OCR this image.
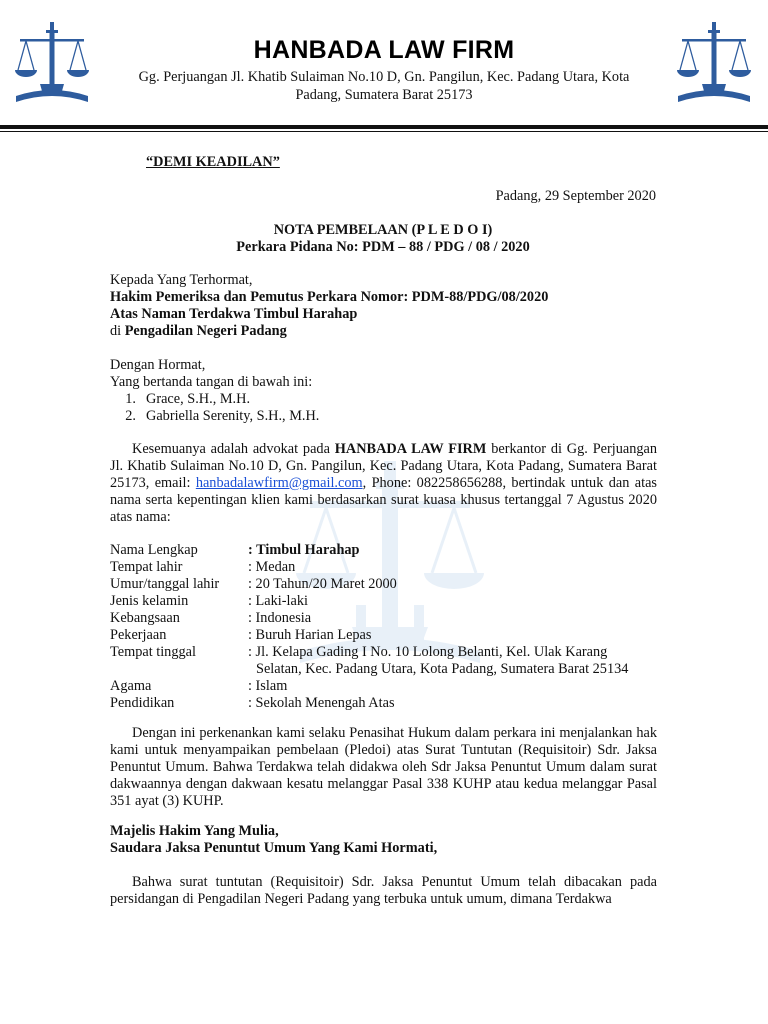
HANBADA LAW FIRM
Gg. Perjuangan Jl. Khatib Sulaiman No.10 D, Gn. Pangilun, Kec. Padang Utara, Kota
Padang, Sumatera Barat 25173
“DEMI KEADILAN”
Padang, 29 September 2020
NOTA PEMBELAAN (P L E D O I)
Perkara Pidana No: PDM – 88 / PDG / 08 / 2020
Kepada Yang Terhormat,
Hakim Pemeriksa dan Pemutus Perkara Nomor: PDM-88/PDG/08/2020
Atas Naman Terdakwa Timbul Harahap
di Pengadilan Negeri Padang
Dengan Hormat,
Yang bertanda tangan di bawah ini:
1. Grace, S.H., M.H.
2. Gabriella Serenity, S.H., M.H.
Kesemuanya adalah advokat pada HANBADA LAW FIRM berkantor di Gg. Perjuangan Jl. Khatib Sulaiman No.10 D, Gn. Pangilun, Kec. Padang Utara, Kota Padang, Sumatera Barat 25173, email: hanbadalawfirm@gmail.com, Phone: 082258656288, bertindak untuk dan atas nama serta kepentingan klien kami berdasarkan surat kuasa khusus tertanggal 7 Agustus 2020 atas nama:
Nama Lengkap	: Timbul Harahap
Tempat lahir	: Medan
Umur/tanggal lahir	: 20 Tahun/20 Maret 2000
Jenis kelamin	: Laki-laki
Kebangsaan	: Indonesia
Pekerjaan	: Buruh Harian Lepas
Tempat tinggal	: Jl. Kelapa Gading I No. 10 Lolong Belanti, Kel. Ulak Karang
Selatan, Kec. Padang Utara, Kota Padang, Sumatera Barat 25134
Agama	: Islam
Pendidikan	: Sekolah Menengah Atas
Dengan ini perkenankan kami selaku Penasihat Hukum dalam perkara ini menjalankan hak kami untuk menyampaikan pembelaan (Pledoi) atas Surat Tuntutan (Requisitoir) Sdr. Jaksa Penuntut Umum. Bahwa Terdakwa telah didakwa oleh Sdr Jaksa Penuntut Umum dalam surat dakwaannya dengan dakwaan kesatu melanggar Pasal 338 KUHP atau kedua melanggar Pasal 351 ayat (3) KUHP.
Majelis Hakim Yang Mulia,
Saudara Jaksa Penuntut Umum Yang Kami Hormati,
Bahwa surat tuntutan (Requisitoir) Sdr. Jaksa Penuntut Umum telah dibacakan pada persidangan di Pengadilan Negeri Padang yang terbuka untuk umum, dimana Terdakwa
